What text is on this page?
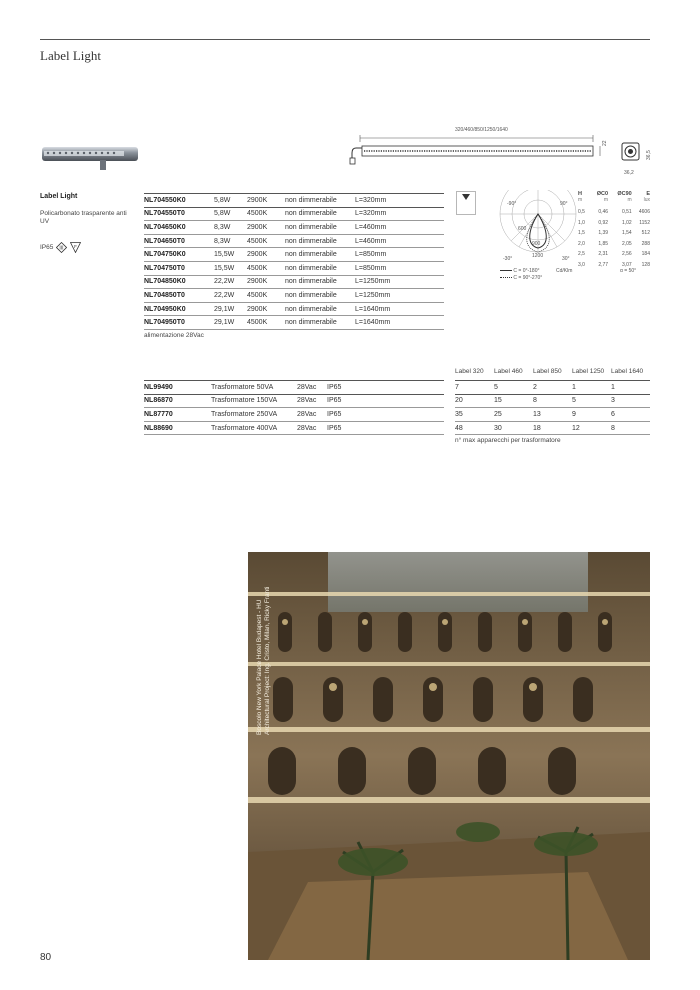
Label Light
320/460/850/1250/1640
22
36,5
36,2
Label Light
Policarbonato trasparente anti UV
IP65 III F
NL704550K0	5,8W	2900K	non dimmerabile	L=320mm
NL704550T0	5,8W	4500K	non dimmerabile	L=320mm
NL704650K0	8,3W	2900K	non dimmerabile	L=460mm
NL704650T0	8,3W	4500K	non dimmerabile	L=460mm
NL704750K0	15,5W	2900K	non dimmerabile	L=850mm
NL704750T0	15,5W	4500K	non dimmerabile	L=850mm
NL704850K0	22,2W	2900K	non dimmerabile	L=1250mm
NL704850T0	22,2W	4500K	non dimmerabile	L=1250mm
NL704950K0	29,1W	2900K	non dimmerabile	L=1640mm
NL704950T0	29,1W	4500K	non dimmerabile	L=1640mm
alimentazione 28Vac
-90°	90°
-30°	30°
600
900
1200
C = 0°-180°
C = 90°-270°
Cd/Klm
H	ØC0	ØC90	E
m	m	m	lux
0,5	0,46	0,51	4606
1,0	0,92	1,02	1152
1,5	1,39	1,54	512
2,0	1,85	2,05	288
2,5	2,31	2,56	184
3,0	2,77	3,07	128
α = 50°
NL99490	Trasformatore 50VA	28Vac	IP65
NL86870	Trasformatore 150VA	28Vac	IP65
NL87770	Trasformatore 250VA	28Vac	IP65
NL88690	Trasformatore 400VA	28Vac	IP65
Label 320	Label 460	Label 850	Label 1250	Label 1640
7	5	2	1	1
20	15	8	5	3
35	25	13	9	6
48	30	18	12	8
n° max apparecchi per trasformatore
Boscolo New York Palace Hotel Budapest - HU Architectural Project: Ing. Cristo, Milan, Ricky Franti
80
